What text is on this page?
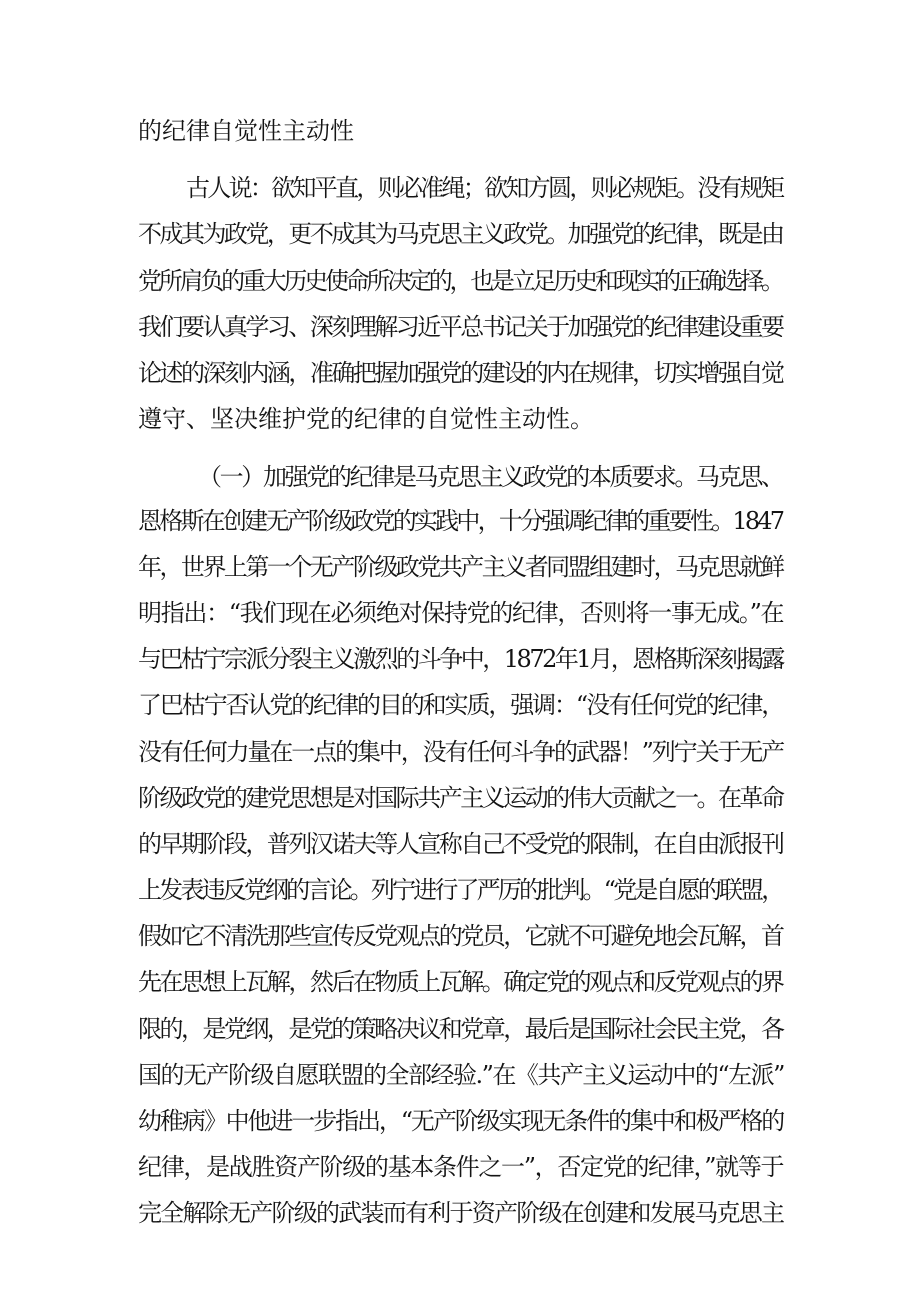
的纪律自觉性主动性
古人说：欲知平直，则必准绳；欲知方圆，则必规矩。没有规矩
不成其为政党，更不成其为马克思主义政党。加强党的纪律，既是由
党所肩负的重大历史使命所决定的，也是立足历史和现实的正确选择。
我们要认真学习、深刻理解习近平总书记关于加强党的纪律建设重要
论述的深刻内涵，准确把握加强党的建设的内在规律，切实增强自觉
遵守、坚决维护党的纪律的自觉性主动性。
（一）加强党的纪律是马克思主义政党的本质要求。马克思、
恩格斯在创建无产阶级政党的实践中，十分强调纪律的重要性。1847
年，世界上第一个无产阶级政党共产主义者同盟组建时，马克思就鲜
明指出：“我们现在必须绝对保持党的纪律，否则将一事无成。”在
与巴枯宁宗派分裂主义激烈的斗争中，1872年1月，恩格斯深刻揭露
了巴枯宁否认党的纪律的目的和实质，强调：“没有任何党的纪律，
没有任何力量在一点的集中，没有任何斗争的武器！”列宁关于无产
阶级政党的建党思想是对国际共产主义运动的伟大贡献之一。在革命
的早期阶段，普列汉诺夫等人宣称自己不受党的限制，在自由派报刊
上发表违反党纲的言论。列宁进行了严厉的批判。“党是自愿的联盟，
假如它不清洗那些宣传反党观点的党员，它就不可避免地会瓦解，首
先在思想上瓦解，然后在物质上瓦解。确定党的观点和反党观点的界
限的，是党纲，是党的策略决议和党章，最后是国际社会民主党，各
国的无产阶级自愿联盟的全部经验.”在《共产主义运动中的“左派”
幼稚病》中他进一步指出，“无产阶级实现无条件的集中和极严格的
纪律，是战胜资产阶级的基本条件之一”，否定党的纪律，”就等于
完全解除无产阶级的武装而有利于资产阶级在创建和发展马克思主
